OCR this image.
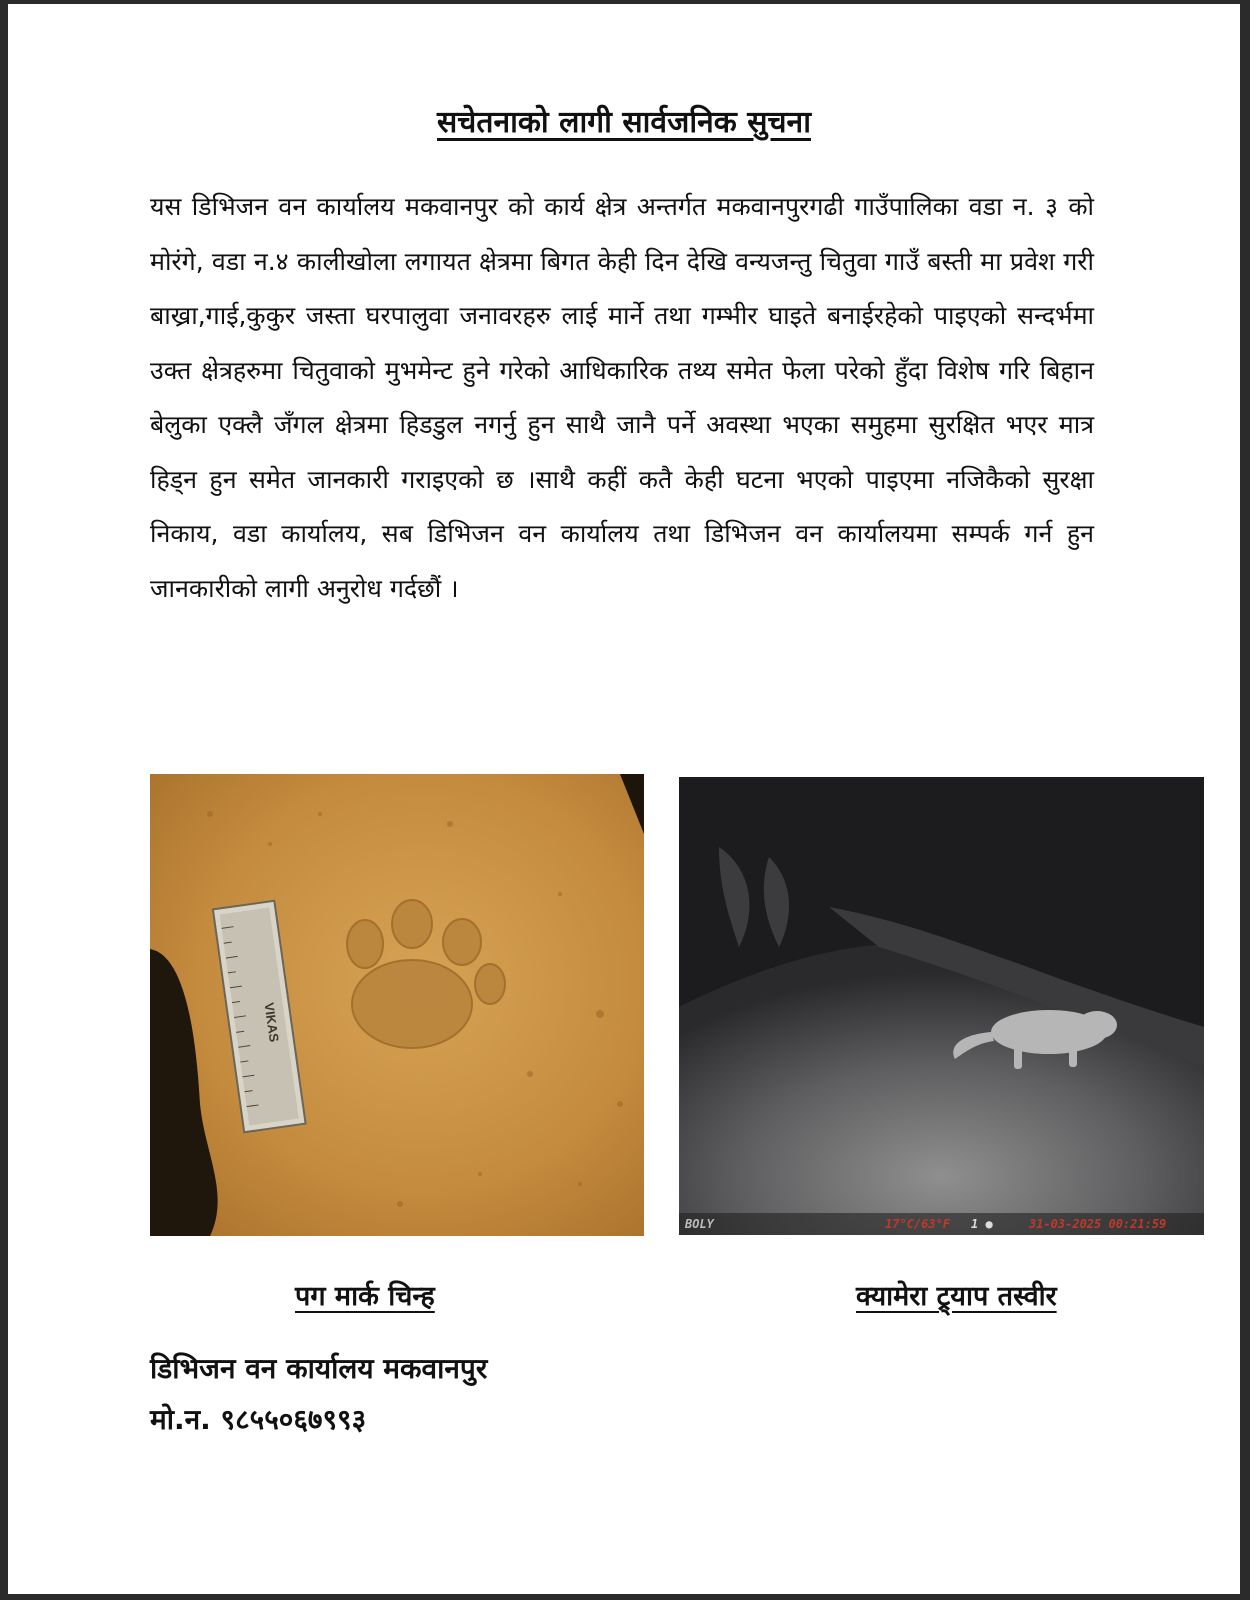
सचेतनाको लागी सार्वजनिक सुचना
यस डिभिजन वन कार्यालय मकवानपुर को कार्य क्षेत्र अन्तर्गत मकवानपुरगढी गाउँपालिका वडा न. ३ को मोरंगे, वडा न.४ कालीखोला लगायत क्षेत्रमा बिगत केही दिन देखि वन्यजन्तु चितुवा गाउँ बस्ती मा प्रवेश गरी बाख्रा,गाई,कुकुर जस्ता घरपालुवा जनावरहरु लाई मार्ने तथा गम्भीर घाइते बनाईरहेको पाइएको सन्दर्भमा उक्त क्षेत्रहरुमा चितुवाको मुभमेन्ट हुने गरेको आधिकारिक तथ्य समेत फेला परेको हुँदा विशेष गरि बिहान बेलुका एक्लै जँगल क्षेत्रमा हिडडुल नगर्नु हुन साथै जानै पर्ने अवस्था भएका समुहमा सुरक्षित भएर मात्र हिड्न हुन समेत जानकारी गराइएको छ ।साथै कहीं कतै केही घटना भएको पाइएमा नजिकैको सुरक्षा निकाय, वडा कार्यालय, सब डिभिजन वन कार्यालय तथा डिभिजन वन कार्यालयमा सम्पर्क गर्न हुन जानकारीको लागी अनुरोध गर्दछौं ।
VIKAS
BOLY	17°C/63°F 1 ●	31-03-2025 00:21:59
पग मार्क चिन्ह	क्यामेरा ट्र्याप तस्वीर
डिभिजन वन कार्यालय मकवानपुर
मो.न. ९८५५०६७९९३
